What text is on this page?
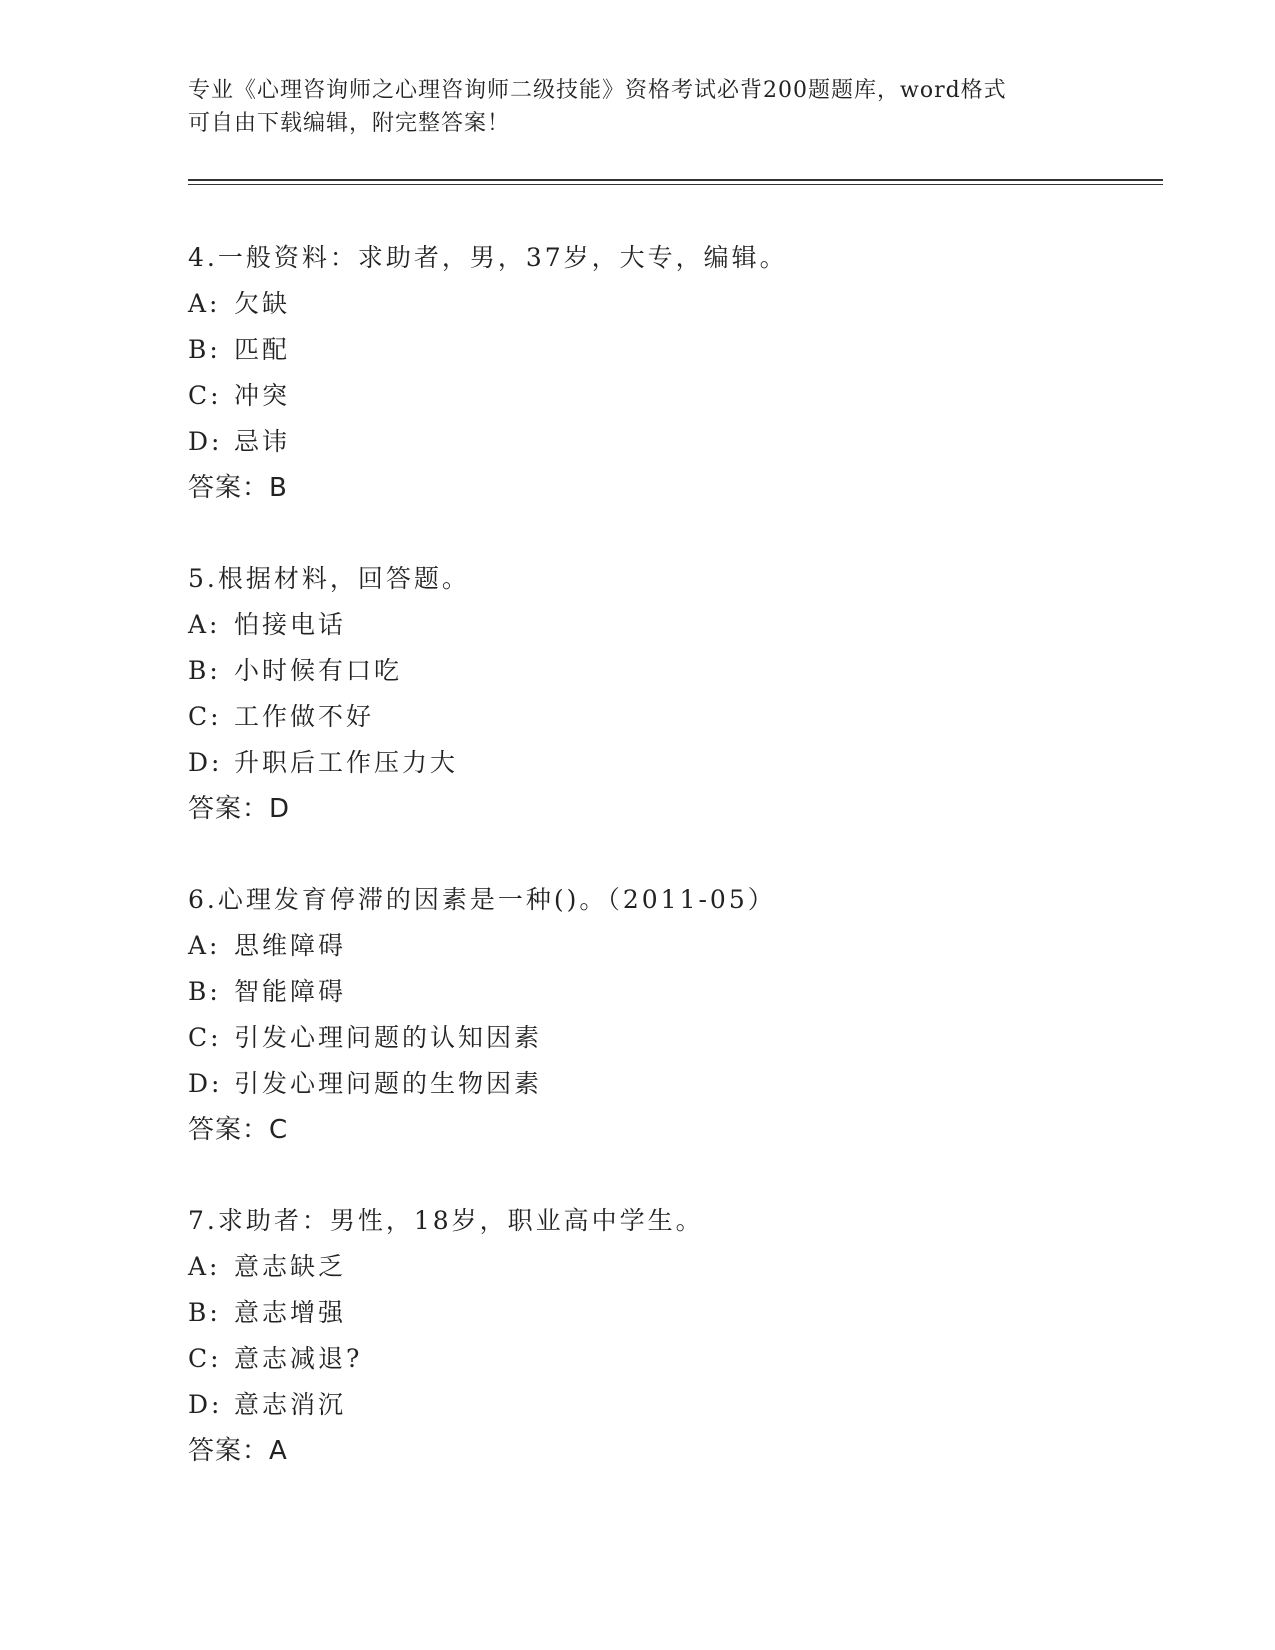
专业《心理咨询师之心理咨询师二级技能》资格考试必背200题题库，word格式
可自由下载编辑，附完整答案！
4.一般资料：求助者，男，37岁，大专，编辑。
A: 欠缺
B: 匹配
C: 冲突
D: 忌讳
答案：B
5.根据材料，回答题。
A: 怕接电话
B: 小时候有口吃
C: 工作做不好
D: 升职后工作压力大
答案：D
6.心理发育停滞的因素是一种()。（2011-05）
A: 思维障碍
B: 智能障碍
C: 引发心理问题的认知因素
D: 引发心理问题的生物因素
答案：C
7.求助者：男性，18岁，职业高中学生。
A: 意志缺乏
B: 意志增强
C: 意志减退?
D: 意志消沉
答案：A
